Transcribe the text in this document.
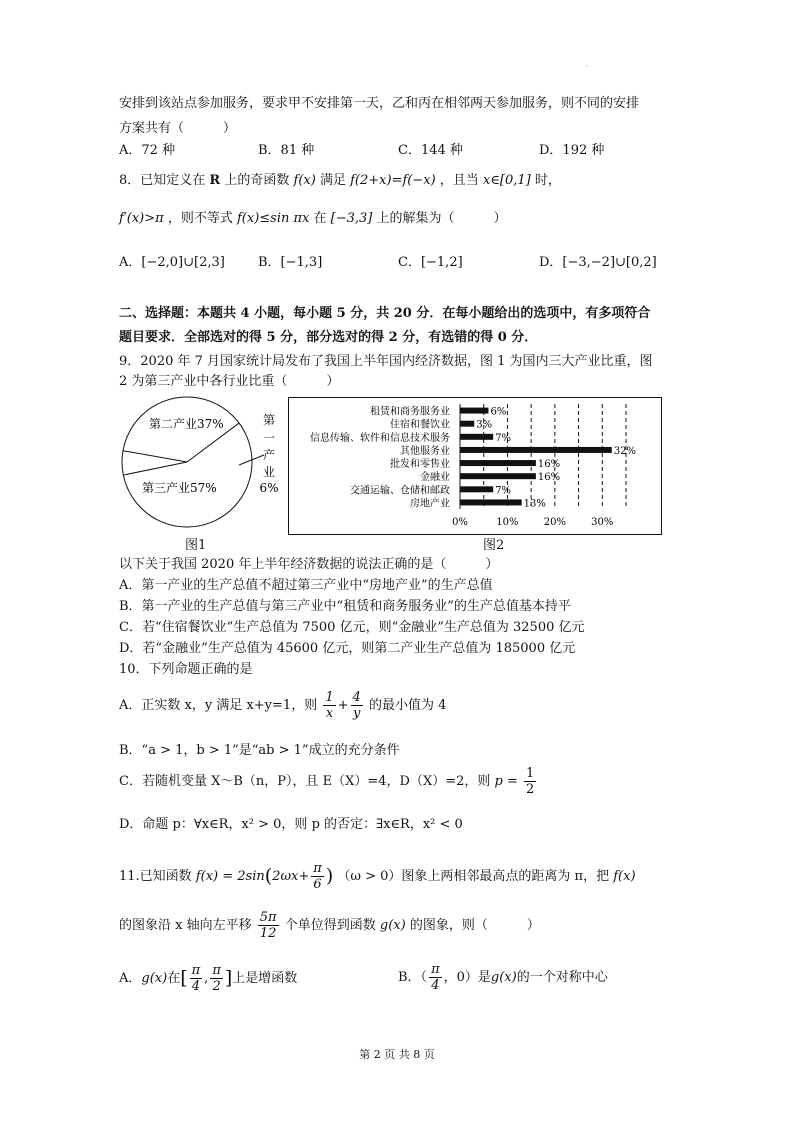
·
安排到该站点参加服务，要求甲不安排第一天，乙和丙在相邻两天参加服务，则不同的安排
方案共有（　　　）
A．72 种	B．81 种	C．144 种	D．192 种
8．已知定义在 R 上的奇函数 f(x) 满足 f(2+x)=f(−x) ，且当 x∈[0,1] 时，
f′(x)>π ，则不等式 f(x)≤sin πx 在 [−3,3] 上的解集为（　　　）
A．[−2,0]∪[2,3]	B．[−1,3]	C．[−1,2]	D．[−3,−2]∪[0,2]
二、选择题：本题共 4 小题，每小题 5 分，共 20 分．在每小题给出的选项中，有多项符合
题目要求．全部选对的得 5 分，部分选对的得 2 分，有选错的得 0 分．
9．2020 年 7 月国家统计局发布了我国上半年国内经济数据，图 1 为国内三大产业比重，图
2 为第三产业中各行业比重（　　　）
第二产业37%
第三产业57%
第
一
产
业
6%
租赁和商务服务业	6%
住宿和餐饮业	3%
信息传输、软件和信息技术服务	7%
其他服务业	32%
批发和零售业	16%
金融业	16%
交通运输、仓储和邮政	7%
房地产业	13%
0%	10%	20%	30%
图1	图2
以下关于我国 2020 年上半年经济数据的说法正确的是（　　　）
A．第一产业的生产总值不超过第三产业中“房地产业”的生产总值
B．第一产业的生产总值与第三产业中“租赁和商务服务业”的生产总值基本持平
C．若“住宿餐饮业”生产总值为 7500 亿元，则“金融业”生产总值为 32500 亿元
D．若“金融业”生产总值为 45600 亿元，则第二产业生产总值为 185000 亿元
10．下列命题正确的是
A．正实数 x，y 满足 x+y=1，则 $\frac{1}{x} + \frac{4}{y}$ 的最小值为 4
B．“a > 1，b > 1”是“ab > 1”成立的充分条件
C．若随机变量 X～B（n，P），且 E（X）=4，D（X）=2，则 $p = \frac{1}{2}$
D．命题 p：∀x∈R，x² > 0，则 p 的否定：∃x∈R，x² < 0
11.已知函数 $f(x) = 2\sin(2\omega x+ \frac{\pi}{6}$ ) （ω > 0）图象上两相邻最高点的距离为 π，把 f(x)
的图象沿 x 轴向左平移 $\frac{5\pi}{12}$ 个单位得到函数 g(x) 的图象，则（　　　）
A．g(x)在[ $\frac{\pi}{4}$ , $\frac{\pi}{2}$ ]上是增函数	B．（ $\frac{\pi}{4}$ ，0）是g(x)的一个对称中心
第 2 页 共 8 页
